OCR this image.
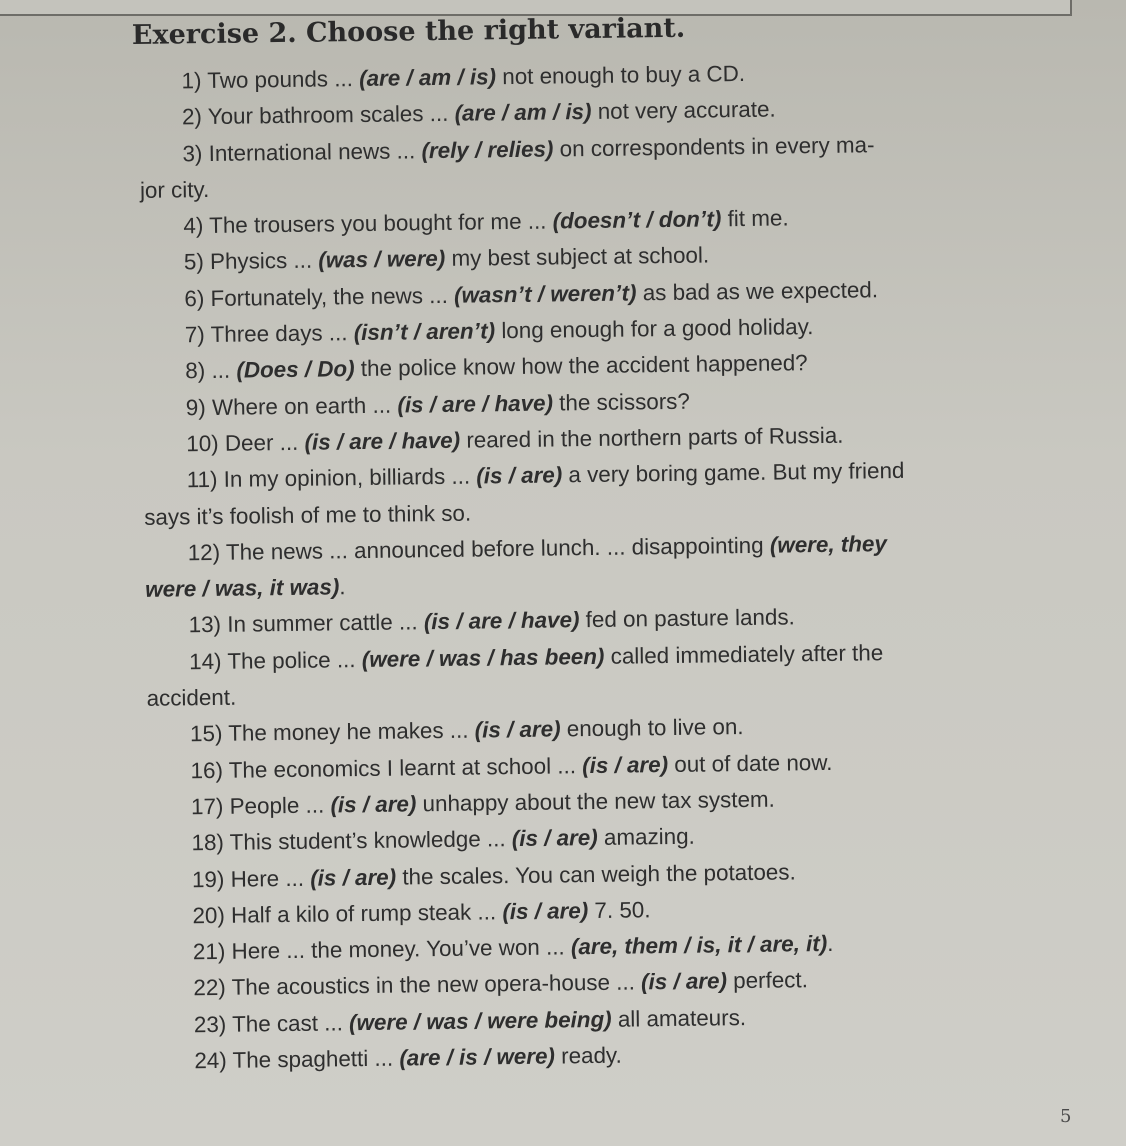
Exercise 2. Choose the right variant.

1) Two pounds ... (are / am / is) not enough to buy a CD.

2) Your bathroom scales ... (are / am / is) not very accurate.

3) International news ... (rely / relies) on correspondents in every ma-
jor city.

4) The trousers you bought for me ... (doesn’t / don’t) fit me.

5) Physics ... (was / were) my best subject at school.

6) Fortunately, the news ... (wasn’t / weren’t) as bad as we expected.

7) Three days ... (isn’t / aren’t) long enough for a good holiday.

8) ... (Does / Do) the police know how the accident happened?

9) Where on earth ... (is / are / have) the scissors?

10) Deer ... (is / are / have) reared in the northern parts of Russia.

11) In my opinion, billiards ... (is / are) a very boring game. But my friend
says it’s foolish of me to think so.

12) The news ... announced before lunch. ... disappointing (were, they
were / was, it was).

13) In summer cattle ... (is / are / have) fed on pasture lands.

14) The police ... (were / was / has been) called immediately after the
accident.

15) The money he makes ... (is / are) enough to live on.

16) The economics I learnt at school ... (is / are) out of date now.

17) People ... (is / are) unhappy about the new tax system.

18) This student’s knowledge ... (is / are) amazing.

19) Here ... (is / are) the scales. You can weigh the potatoes.

20) Half a kilo of rump steak ... (is / are) 7. 50.

21) Here ... the money. You’ve won ... (are, them / is, it / are, it).

22) The acoustics in the new opera-house ... (is / are) perfect.

23) The cast ... (were / was / were being) all amateurs.

24) The spaghetti ... (are / is / were) ready.

5
